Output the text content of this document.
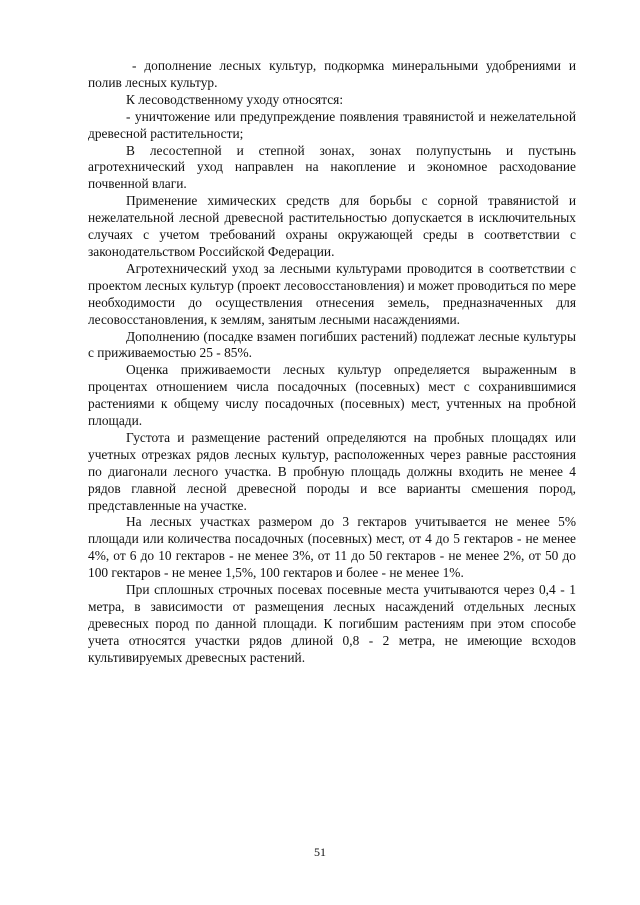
- дополнение лесных культур, подкормка минеральными удобрениями и полив лесных культур.

К лесоводственному уходу относятся:

- уничтожение или предупреждение появления травянистой и нежелательной древесной растительности;

В лесостепной и степной зонах, зонах полупустынь и пустынь агротехнический уход направлен на накопление и экономное расходование почвенной влаги.

Применение химических средств для борьбы с сорной травянистой и нежелательной лесной древесной растительностью допускается в исключительных случаях с учетом требований охраны окружающей среды в соответствии с законодательством Российской Федерации.

Агротехнический уход за лесными культурами проводится в соответствии с проектом лесных культур (проект лесовосстановления) и может проводиться по мере необходимости до осуществления отнесения земель, предназначенных для лесовосстановления, к землям, занятым лесными насаждениями.

Дополнению (посадке взамен погибших растений) подлежат лесные культуры с приживаемостью 25 - 85%.

Оценка приживаемости лесных культур определяется выраженным в процентах отношением числа посадочных (посевных) мест с сохранившимися растениями к общему числу посадочных (посевных) мест, учтенных на пробной площади.

Густота и размещение растений определяются на пробных площадях или учетных отрезках рядов лесных культур, расположенных через равные расстояния по диагонали лесного участка. В пробную площадь должны входить не менее 4 рядов главной лесной древесной породы и все варианты смешения пород, представленные на участке.

На лесных участках размером до 3 гектаров учитывается не менее 5% площади или количества посадочных (посевных) мест, от 4 до 5 гектаров - не менее 4%, от 6 до 10 гектаров - не менее 3%, от 11 до 50 гектаров - не менее 2%, от 50 до 100 гектаров - не менее 1,5%, 100 гектаров и более - не менее 1%.

При сплошных строчных посевах посевные места учитываются через 0,4 - 1 метра, в зависимости от размещения лесных насаждений отдельных лесных древесных пород по данной площади. К погибшим растениям при этом способе учета относятся участки рядов длиной 0,8 - 2 метра, не имеющие всходов культивируемых древесных растений.

51
